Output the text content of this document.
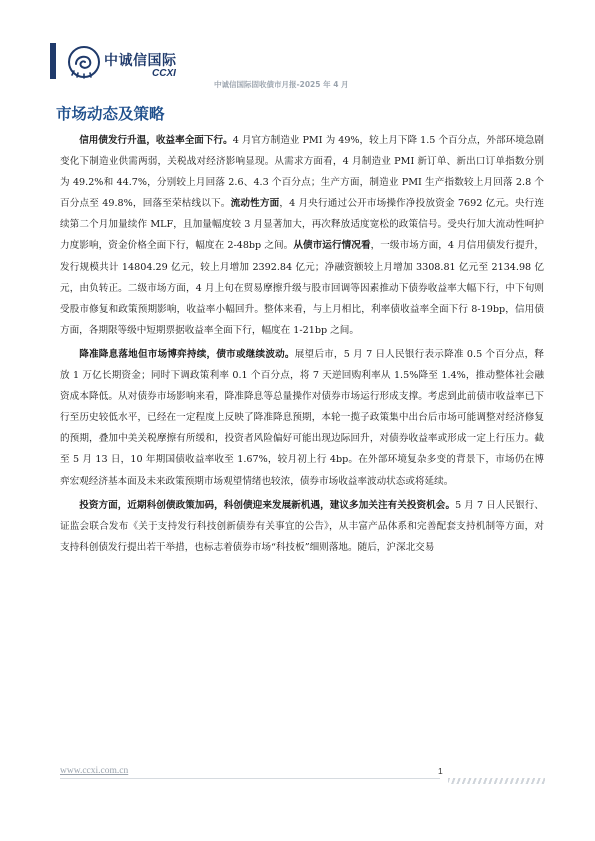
中诚信国际
CCXI
中诚信国际固收债市月报-2025 年 4 月
市场动态及策略

信用债发行升温，收益率全面下行。4 月官方制造业 PMI 为 49%，较上月下降 1.5 个百分点，外部环境急剧变化下制造业供需两弱，关税战对经济影响显现。从需求方面看，4 月制造业 PMI 新订单、新出口订单指数分别为 49.2%和 44.7%，分别较上月回落 2.6、4.3 个百分点；生产方面，制造业 PMI 生产指数较上月回落 2.8 个百分点至 49.8%，回落至荣枯线以下。流动性方面，4 月央行通过公开市场操作净投放资金 7692 亿元。央行连续第二个月加量续作 MLF，且加量幅度较 3 月显著加大，再次释放适度宽松的政策信号。受央行加大流动性呵护力度影响，资金价格全面下行，幅度在 2-48bp 之间。从债市运行情况看，一级市场方面，4 月信用债发行提升，发行规模共计 14804.29 亿元，较上月增加 2392.84 亿元；净融资额较上月增加 3308.81 亿元至 2134.98 亿元，由负转正。二级市场方面，4 月上旬在贸易摩擦升级与股市回调等因素推动下债券收益率大幅下行，中下旬则受股市修复和政策预期影响，收益率小幅回升。整体来看，与上月相比，利率债收益率全面下行 8-19bp，信用债方面，各期限等级中短期票据收益率全面下行，幅度在 1-21bp 之间。

降准降息落地但市场博弈持续，债市或继续波动。展望后市，5 月 7 日人民银行表示降准 0.5 个百分点，释放 1 万亿长期资金；同时下调政策利率 0.1 个百分点，将 7 天逆回购利率从 1.5%降至 1.4%，推动整体社会融资成本降低。从对债券市场影响来看，降准降息等总量操作对债券市场运行形成支撑。考虑到此前债市收益率已下行至历史较低水平，已经在一定程度上反映了降准降息预期，本轮一揽子政策集中出台后市场可能调整对经济修复的预期，叠加中美关税摩擦有所缓和，投资者风险偏好可能出现边际回升，对债券收益率或形成一定上行压力。截至 5 月 13 日，10 年期国债收益率收至 1.67%，较月初上行 4bp。在外部环境复杂多变的背景下，市场仍在博弈宏观经济基本面及未来政策预期市场观望情绪也较浓，债券市场收益率波动状态或将延续。

投资方面，近期科创债政策加码，科创债迎来发展新机遇，建议多加关注有关投资机会。5 月 7 日人民银行、证监会联合发布《关于支持发行科技创新债券有关事宜的公告》，从丰富产品体系和完善配套支持机制等方面，对支持科创债发行提出若干举措，也标志着债券市场“科技板”细则落地。随后，沪深北交易

www.ccxi.com.cn	1
